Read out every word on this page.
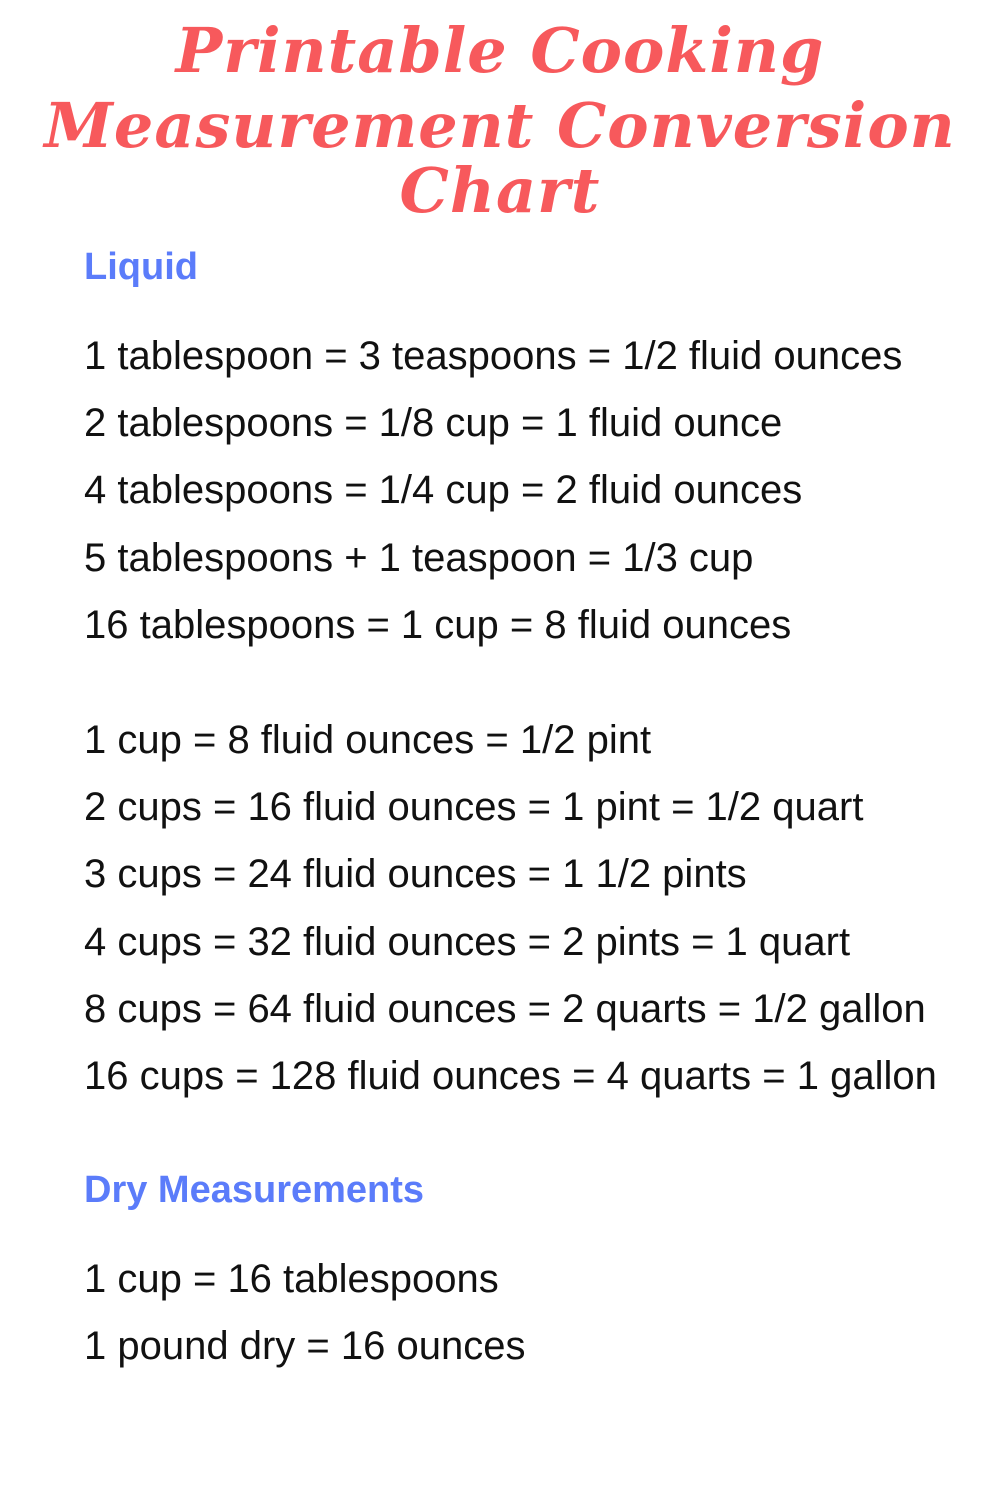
Printable Cooking
Measurement Conversion Chart
Liquid
1 tablespoon = 3 teaspoons = 1/2 fluid ounces
2 tablespoons = 1/8 cup = 1 fluid ounce
4 tablespoons = 1/4 cup = 2 fluid ounces
5 tablespoons + 1 teaspoon = 1/3 cup
16 tablespoons = 1 cup = 8 fluid ounces
1 cup = 8 fluid ounces = 1/2 pint
2 cups = 16 fluid ounces = 1 pint = 1/2 quart
3 cups = 24 fluid ounces = 1 1/2 pints
4 cups = 32 fluid ounces = 2 pints = 1 quart
8 cups = 64 fluid ounces = 2 quarts = 1/2 gallon
16 cups = 128 fluid ounces = 4 quarts = 1 gallon
Dry Measurements
1 cup = 16 tablespoons
1 pound dry = 16 ounces
